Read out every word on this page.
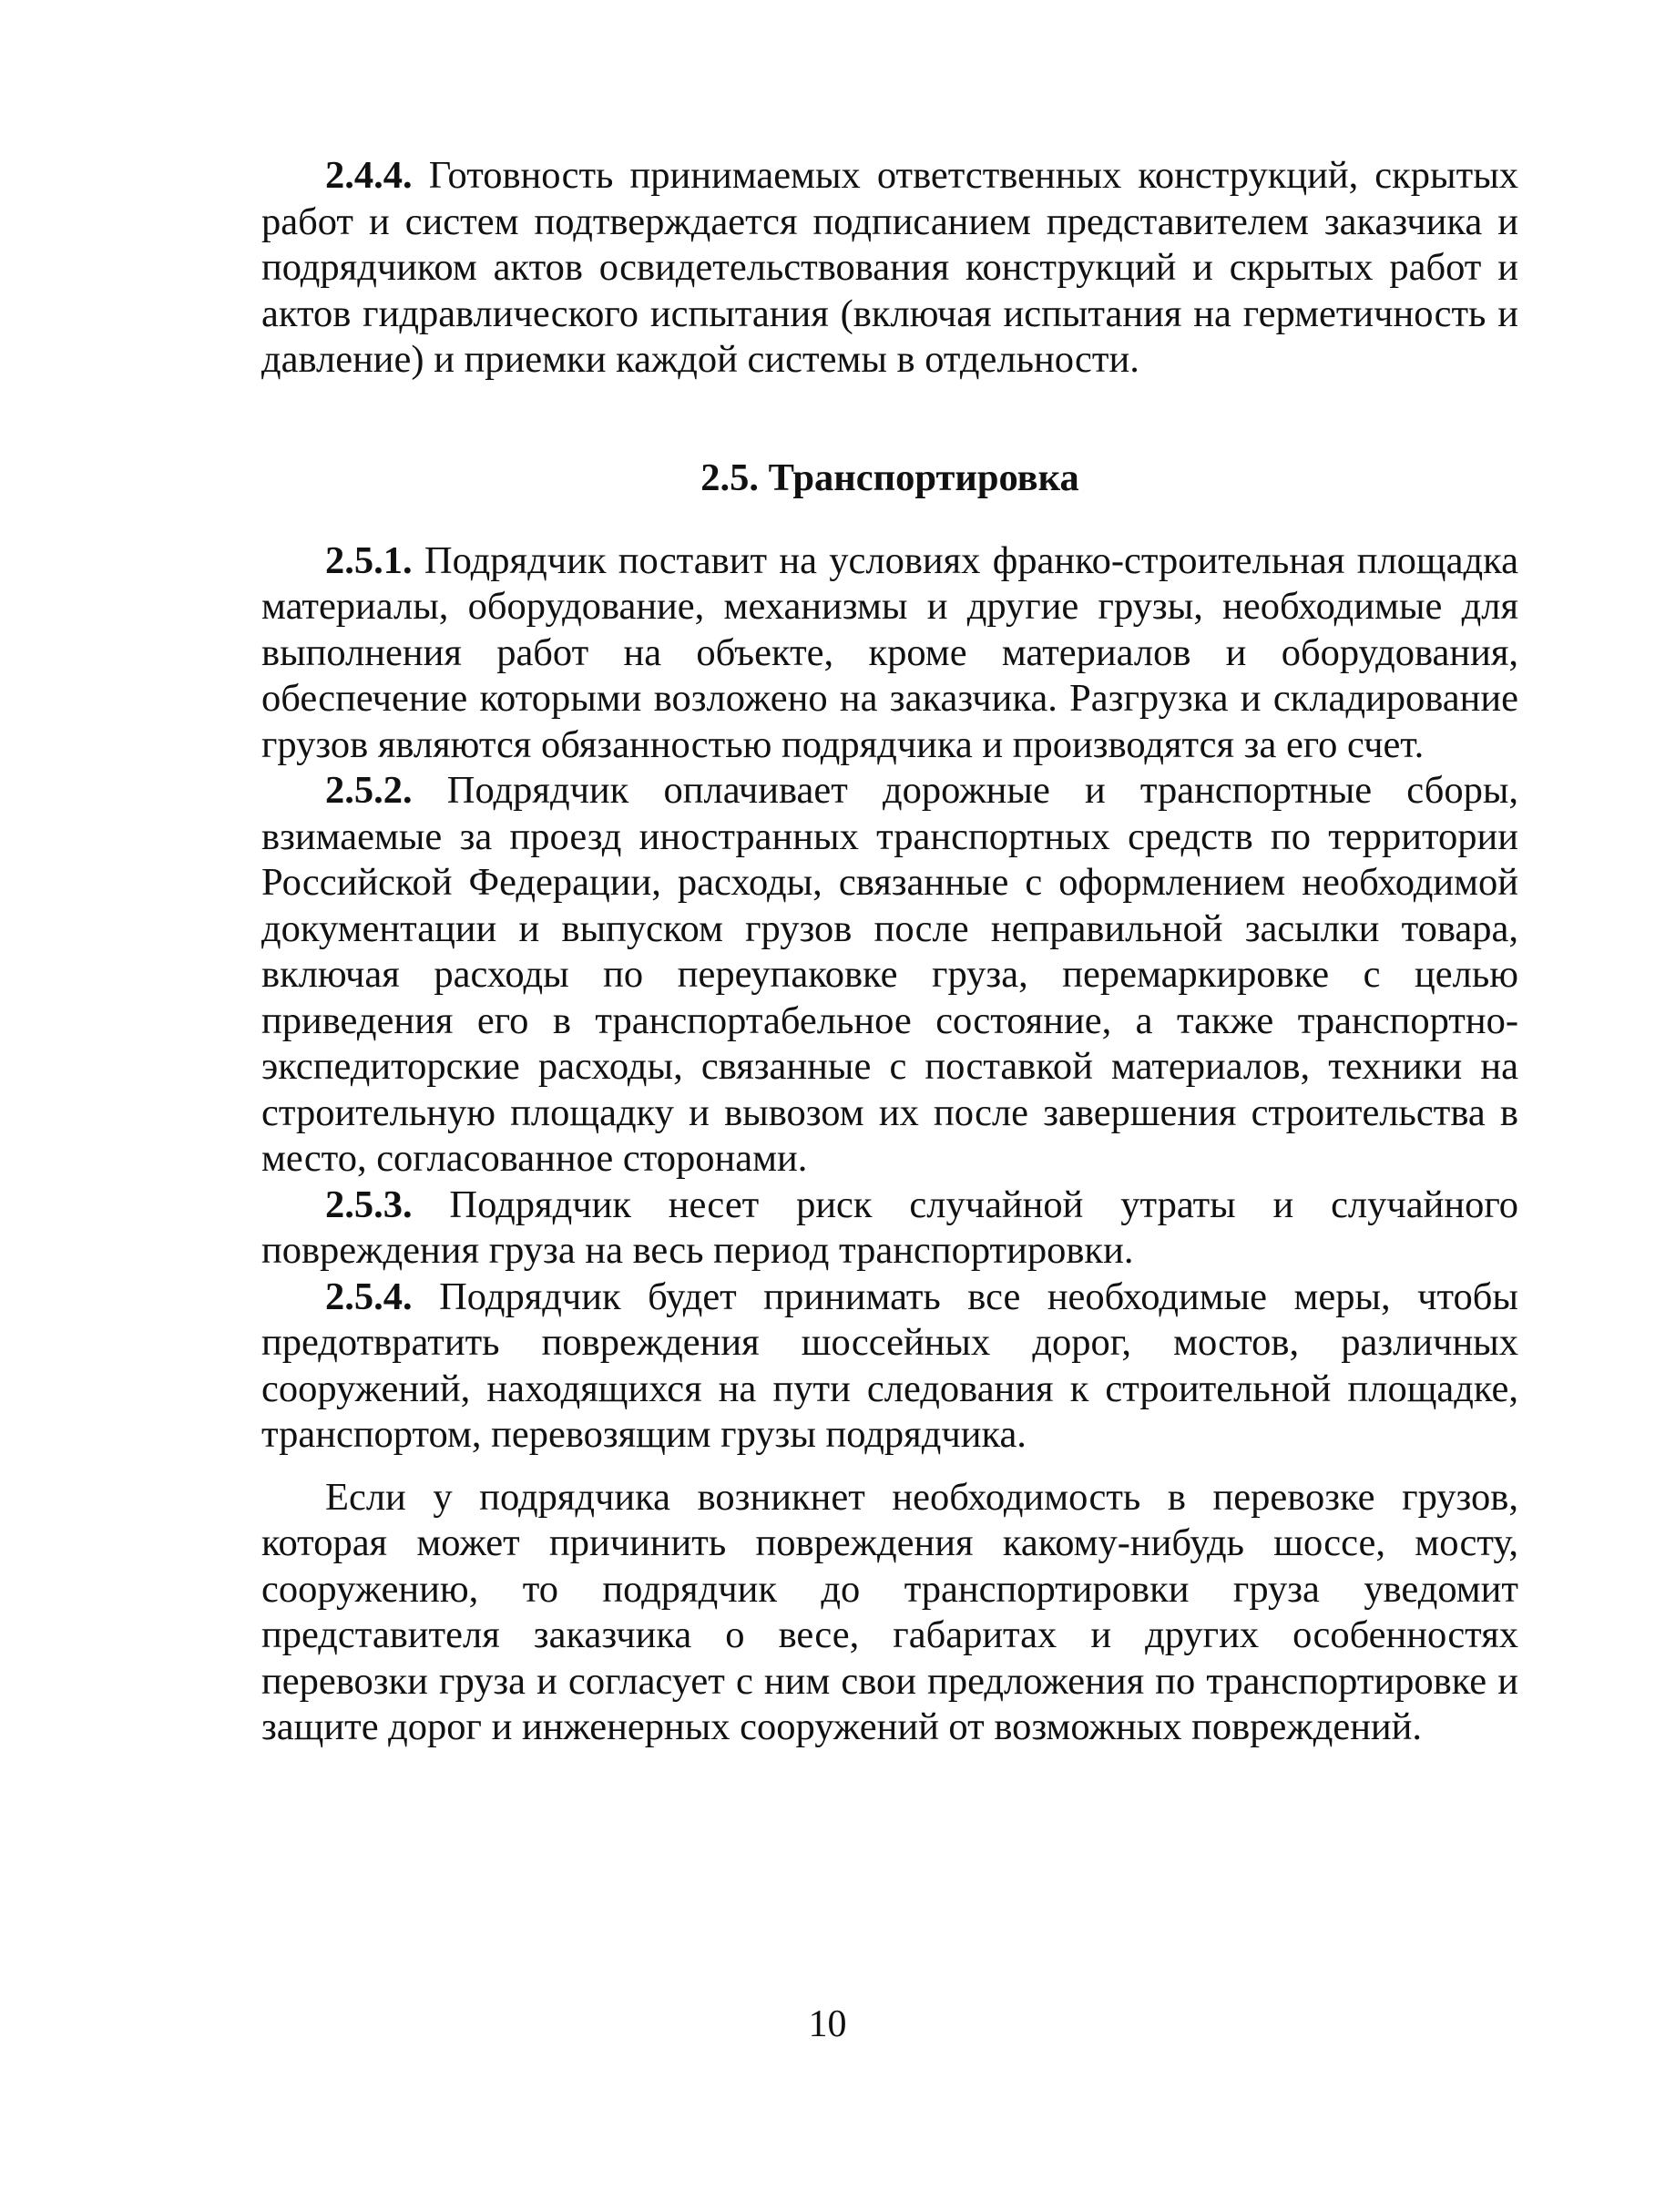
2.4.4. Готовность принимаемых ответственных конструкций, скрытых работ и систем подтверждается подписанием представителем заказчика и подрядчиком актов освидетельствования конструкций и скрытых работ и актов гидравлического испытания (включая испытания на герметичность и давление) и приемки каждой системы в отдельности.

2.5. Транспортировка

2.5.1. Подрядчик поставит на условиях франко-строительная площадка материалы, оборудование, механизмы и другие грузы, необходимые для выполнения работ на объекте, кроме материалов и оборудования, обеспечение которыми возложено на заказчика. Разгрузка и складирование грузов являются обязанностью подрядчика и производятся за его счет.

2.5.2. Подрядчик оплачивает дорожные и транспортные сборы, взимаемые за проезд иностранных транспортных средств по территории Российской Федерации, расходы, связанные с оформлением необходимой документации и выпуском грузов после неправильной засылки товара, включая расходы по переупаковке груза, перемаркировке с целью приведения его в транспортабельное состояние, а также транспортно-экспедиторские расходы, связанные с поставкой материалов, техники на строительную площадку и вывозом их после завершения строительства в место, согласованное сторонами.

2.5.3. Подрядчик несет риск случайной утраты и случайного повреждения груза на весь период транспортировки.

2.5.4. Подрядчик будет принимать все необходимые меры, чтобы предотвратить повреждения шоссейных дорог, мостов, различных сооружений, находящихся на пути следования к строительной площадке, транспортом, перевозящим грузы подрядчика.

Если у подрядчика возникнет необходимость в перевозке грузов, которая может причинить повреждения какому-нибудь шоссе, мосту, сооружению, то подрядчик до транспортировки груза уведомит представителя заказчика о весе, габаритах и других особенностях перевозки груза и согласует с ним свои предложения по транспортировке и защите дорог и инженерных сооружений от возможных повреждений.

10
